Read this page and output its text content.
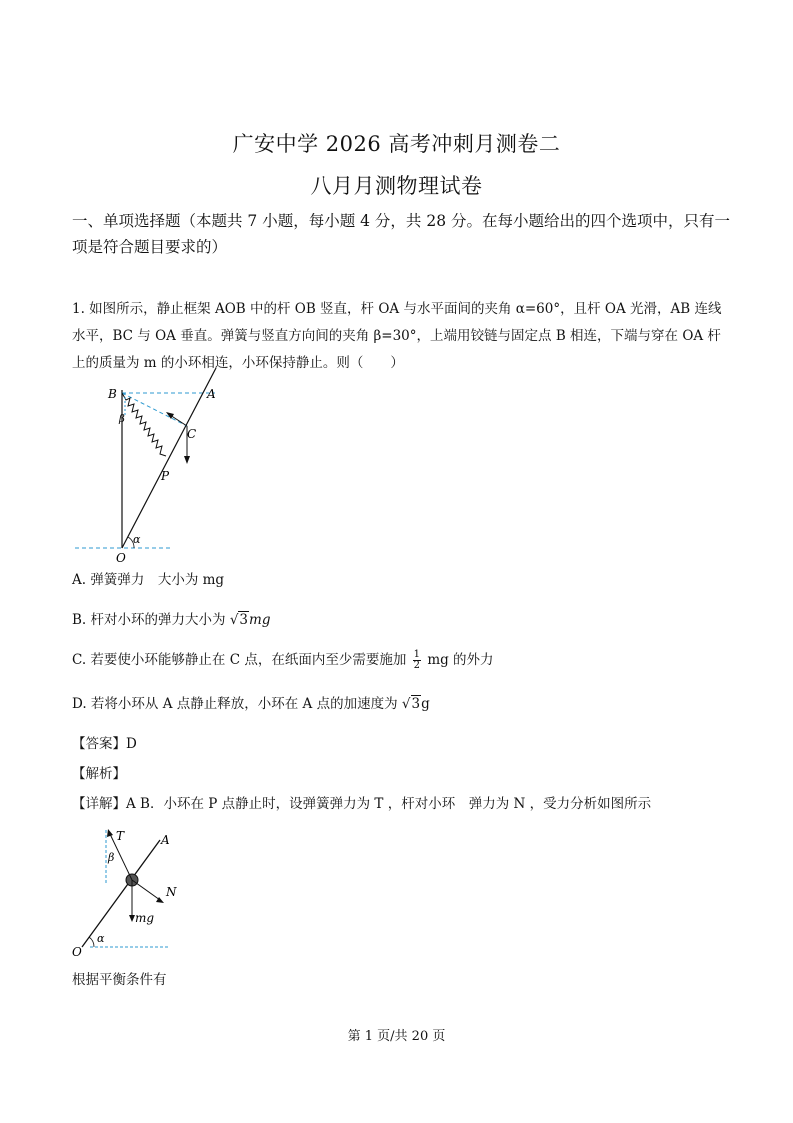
广安中学 2026 高考冲刺月测卷二
八月月测物理试卷
一、单项选择题（本题共 7 小题，每小题 4 分，共 28 分。在每小题给出的四个选项中，只有一项是符合题目要求的）
1. 如图所示，静止框架 AOB 中的杆 OB 竖直，杆 OA 与水平面间的夹角 α=60°，且杆 OA 光滑，AB 连线水平，BC 与 OA 垂直。弹簧与竖直方向间的夹角 β=30°，上端用铰链与固定点 B 相连，下端与穿在 OA 杆上的质量为 m 的小环相连，小环保持静止。则（　　）
B	A
C
P
O
α
β
A. 弹簧弹力　大小为 mg
B. 杆对小环的弹力大小为 √3mg
C. 若要使小环能够静止在 C 点，在纸面内至少需要施加 $\frac{1}{2}$ mg 的外力
D. 若将小环从 A 点静止释放，小环在 A 点的加速度为 √3g
【答案】D
【解析】
【详解】A B．小环在 P 点静止时，设弹簧弹力为 T ，杆对小环　弹力为 N ，受力分析如图所示
T	A
β
N
mg
O
α
根据平衡条件有
第 1 页/共 20 页
